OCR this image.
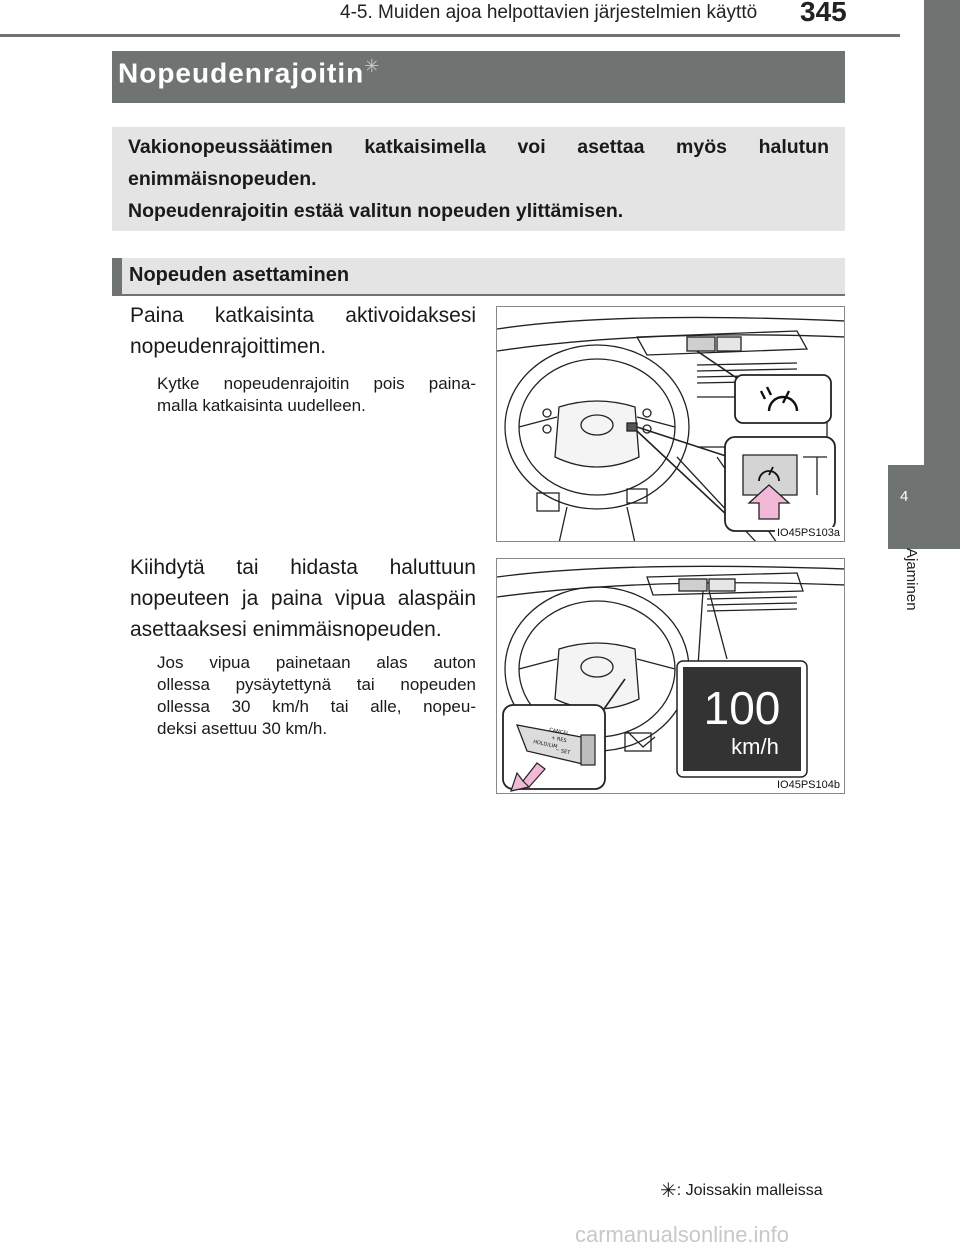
4-5. Muiden ajoa helpottavien järjestelmien käyttö 345
4
Ajaminen
Nopeudenrajoitin✳
Vakionopeussäätimen katkaisimella voi asettaa myös halutun
enimmäisnopeuden.
Nopeudenrajoitin estää valitun nopeuden ylittämisen.
Nopeuden asettaminen
Paina katkaisinta aktivoidaksesi
nopeudenrajoittimen.
Kytke nopeudenrajoitin pois paina-
malla katkaisinta uudelleen.
IO45PS103a
Kiihdytä tai hidasta haluttuun
nopeuteen ja paina vipua alaspäin
asettaaksesi enimmäisnopeuden.
Jos vipua painetaan alas auton
ollessa pysäytettynä tai nopeuden
ollessa 30 km/h tai alle, nopeu-
deksi asettuu 30 km/h.	CANCEL
+ RES
HOLD/LIM
− SET
100
km/h
IO45PS104b
✳: Joissakin malleissa
carmanualsonline.info
